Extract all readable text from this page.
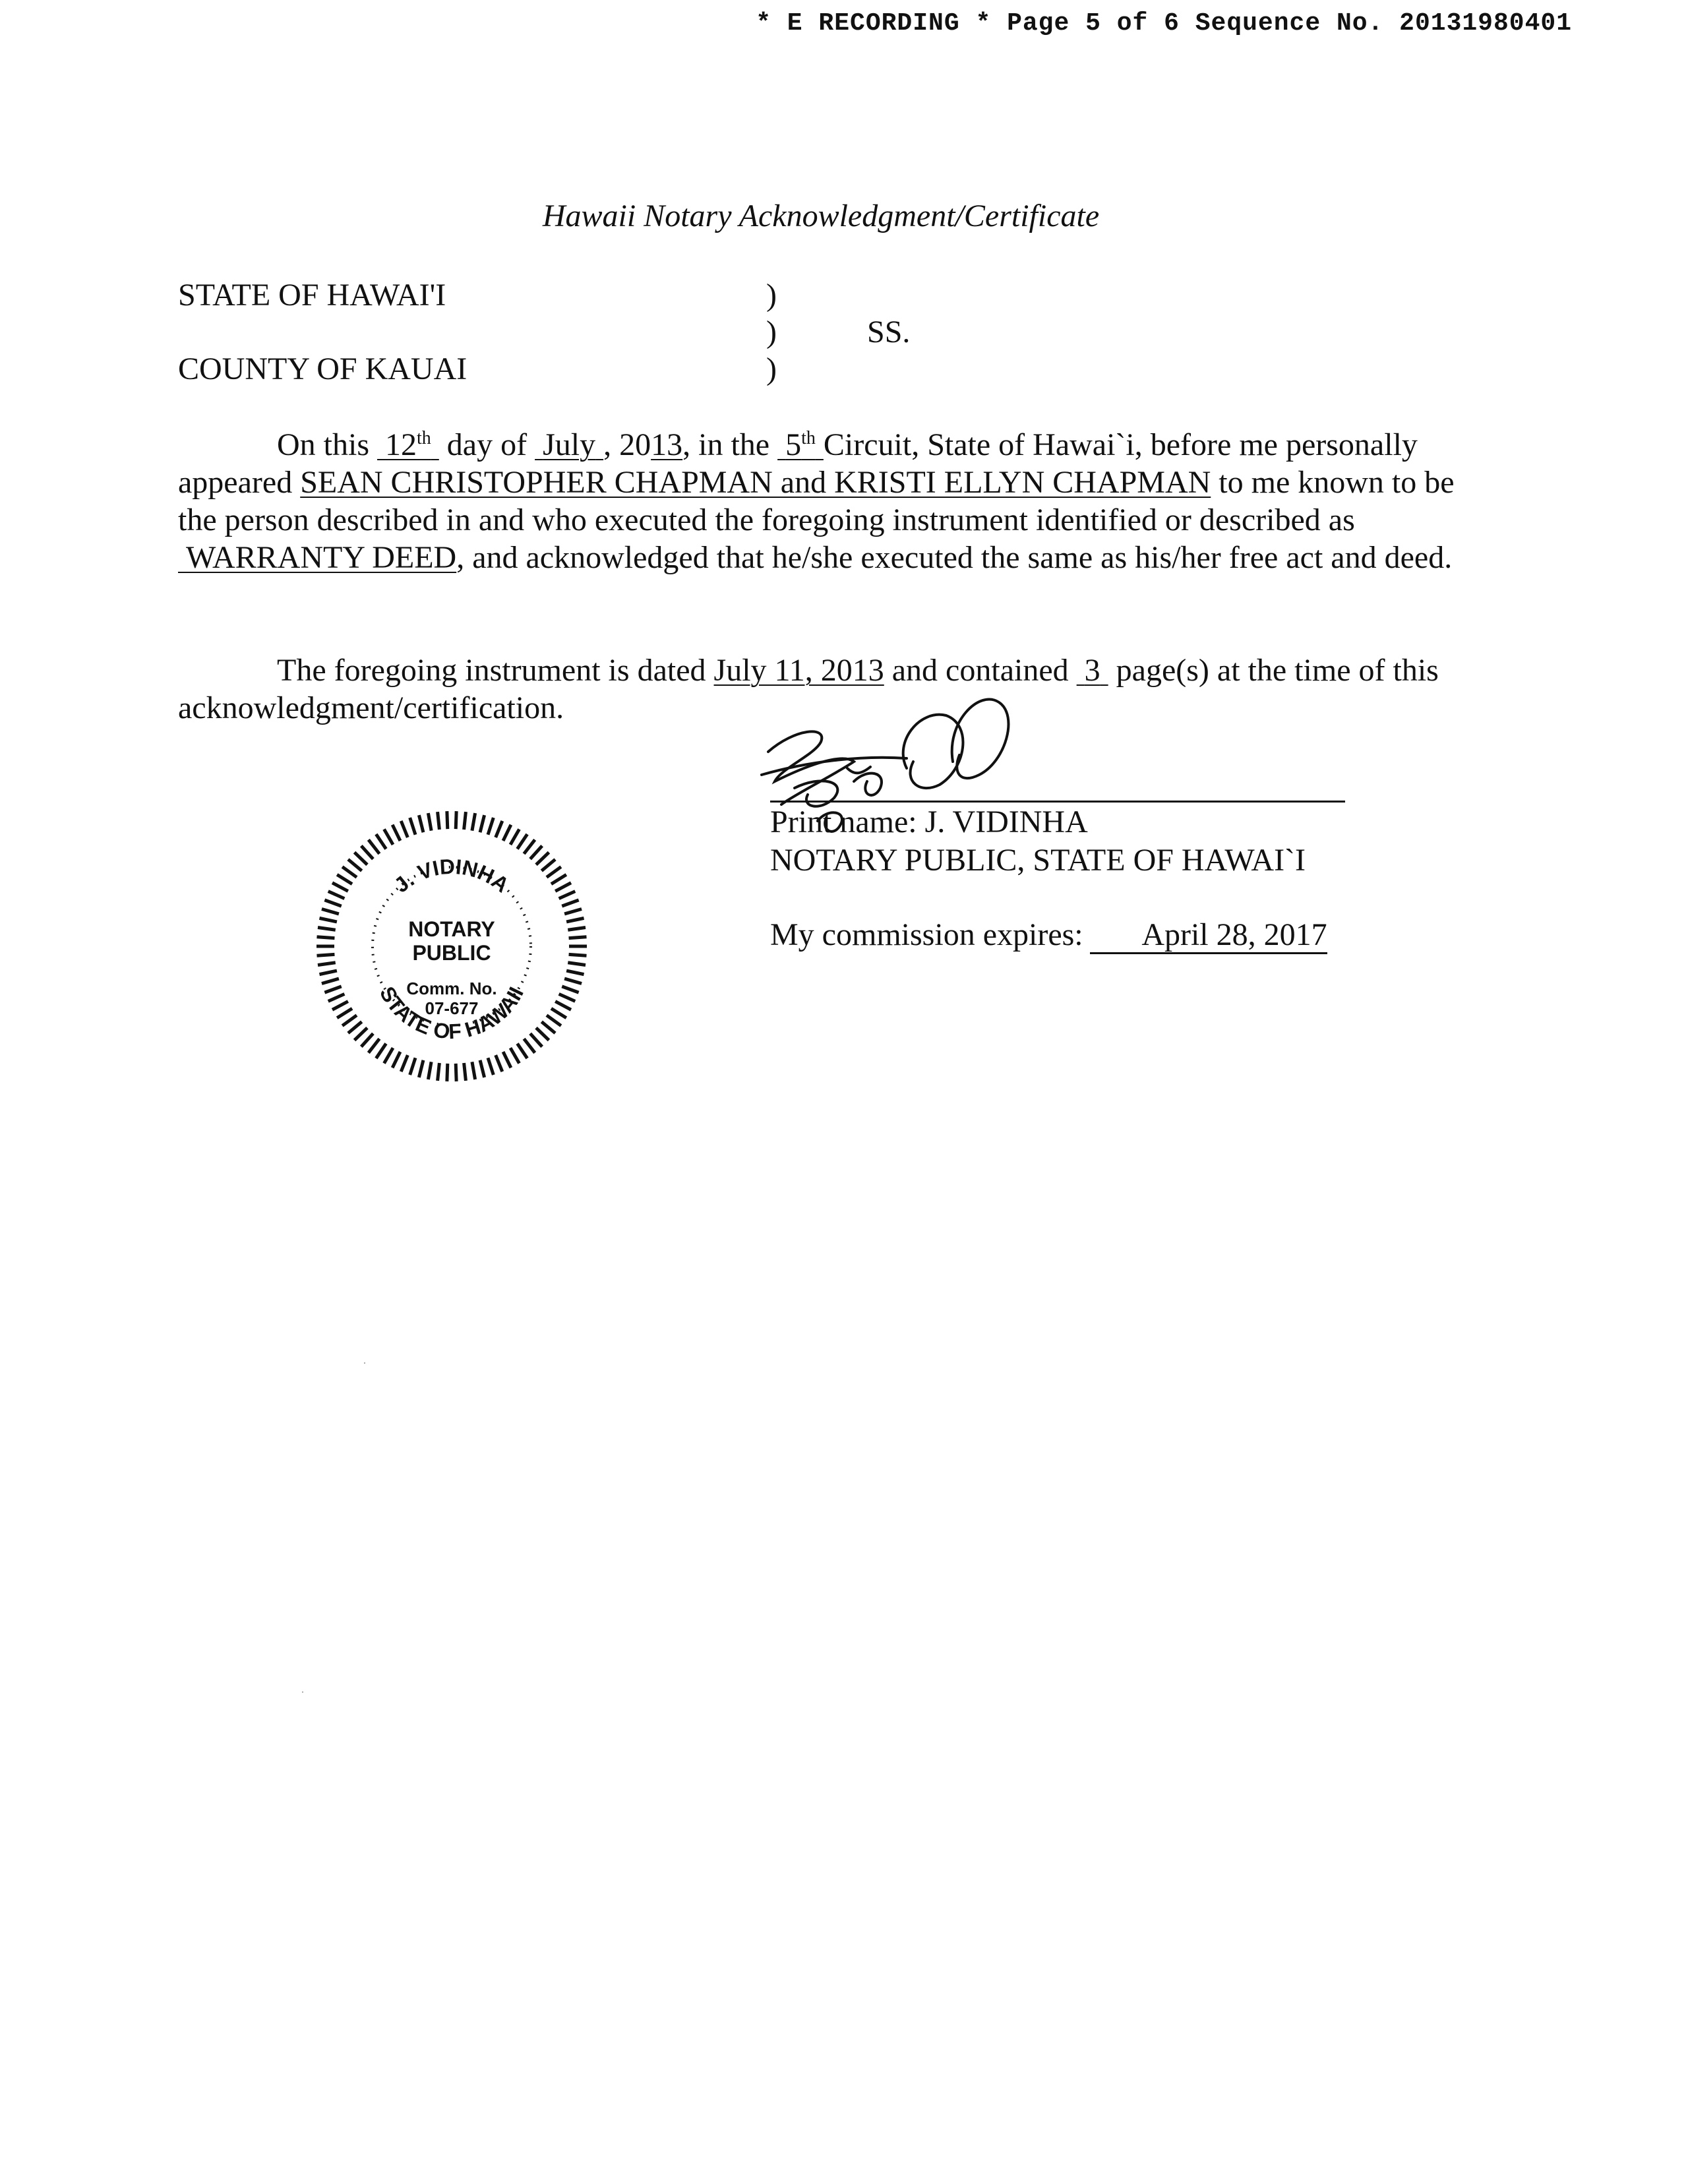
* E RECORDING * Page 5 of 6 Sequence No. 20131980401
Hawaii Notary Acknowledgment/Certificate
STATE OF HAWAI'I	)
)	SS.
COUNTY OF KAUAI	)
On this  12th  day of  July , 2013, in the  5th Circuit, State of Hawai`i, before me personally appeared SEAN CHRISTOPHER CHAPMAN and KRISTI ELLYN CHAPMAN to me known to be the person described in and who executed the foregoing instrument identified or described as  WARRANTY DEED, and acknowledged that he/she executed the same as his/her free act and deed.
The foregoing instrument is dated July 11, 2013 and contained  3  page(s) at the time of this acknowledgment/certification.
Print name: J. VIDINHA
NOTARY PUBLIC, STATE OF HAWAI`I
My commission expires: April 28, 2017
J. VIDINHA
NOTARY
PUBLIC
Comm. No.
07-677
STATE OF HAWAII
